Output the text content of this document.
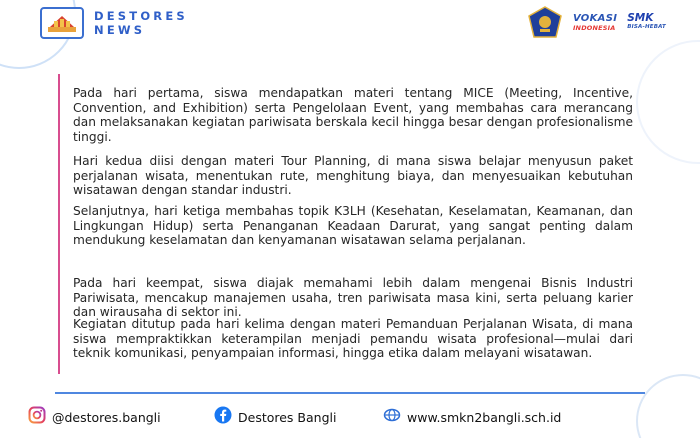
DESTORES
NEWS
VOKASI
INDONESIA
SMK
BISA-HEBAT

Pada hari pertama, siswa mendapatkan materi tentang MICE (Meeting, Incentive, Convention, and Exhibition) serta Pengelolaan Event, yang membahas cara merancang dan melaksanakan kegiatan pariwisata berskala kecil hingga besar dengan profesionalisme tinggi.

Hari kedua diisi dengan materi Tour Planning, di mana siswa belajar menyusun paket perjalanan wisata, menentukan rute, menghitung biaya, dan menyesuaikan kebutuhan wisatawan dengan standar industri.

Selanjutnya, hari ketiga membahas topik K3LH (Kesehatan, Keselamatan, Keamanan, dan Lingkungan Hidup) serta Penanganan Keadaan Darurat, yang sangat penting dalam mendukung keselamatan dan kenyamanan wisatawan selama perjalanan.

Pada hari keempat, siswa diajak memahami lebih dalam mengenai Bisnis Industri Pariwisata, mencakup manajemen usaha, tren pariwisata masa kini, serta peluang karier dan wirausaha di sektor ini.

Kegiatan ditutup pada hari kelima dengan materi Pemanduan Perjalanan Wisata, di mana siswa mempraktikkan keterampilan menjadi pemandu wisata profesional—mulai dari teknik komunikasi, penyampaian informasi, hingga etika dalam melayani wisatawan.

@destores.bangli	Destores Bangli	www.smkn2bangli.sch.id
